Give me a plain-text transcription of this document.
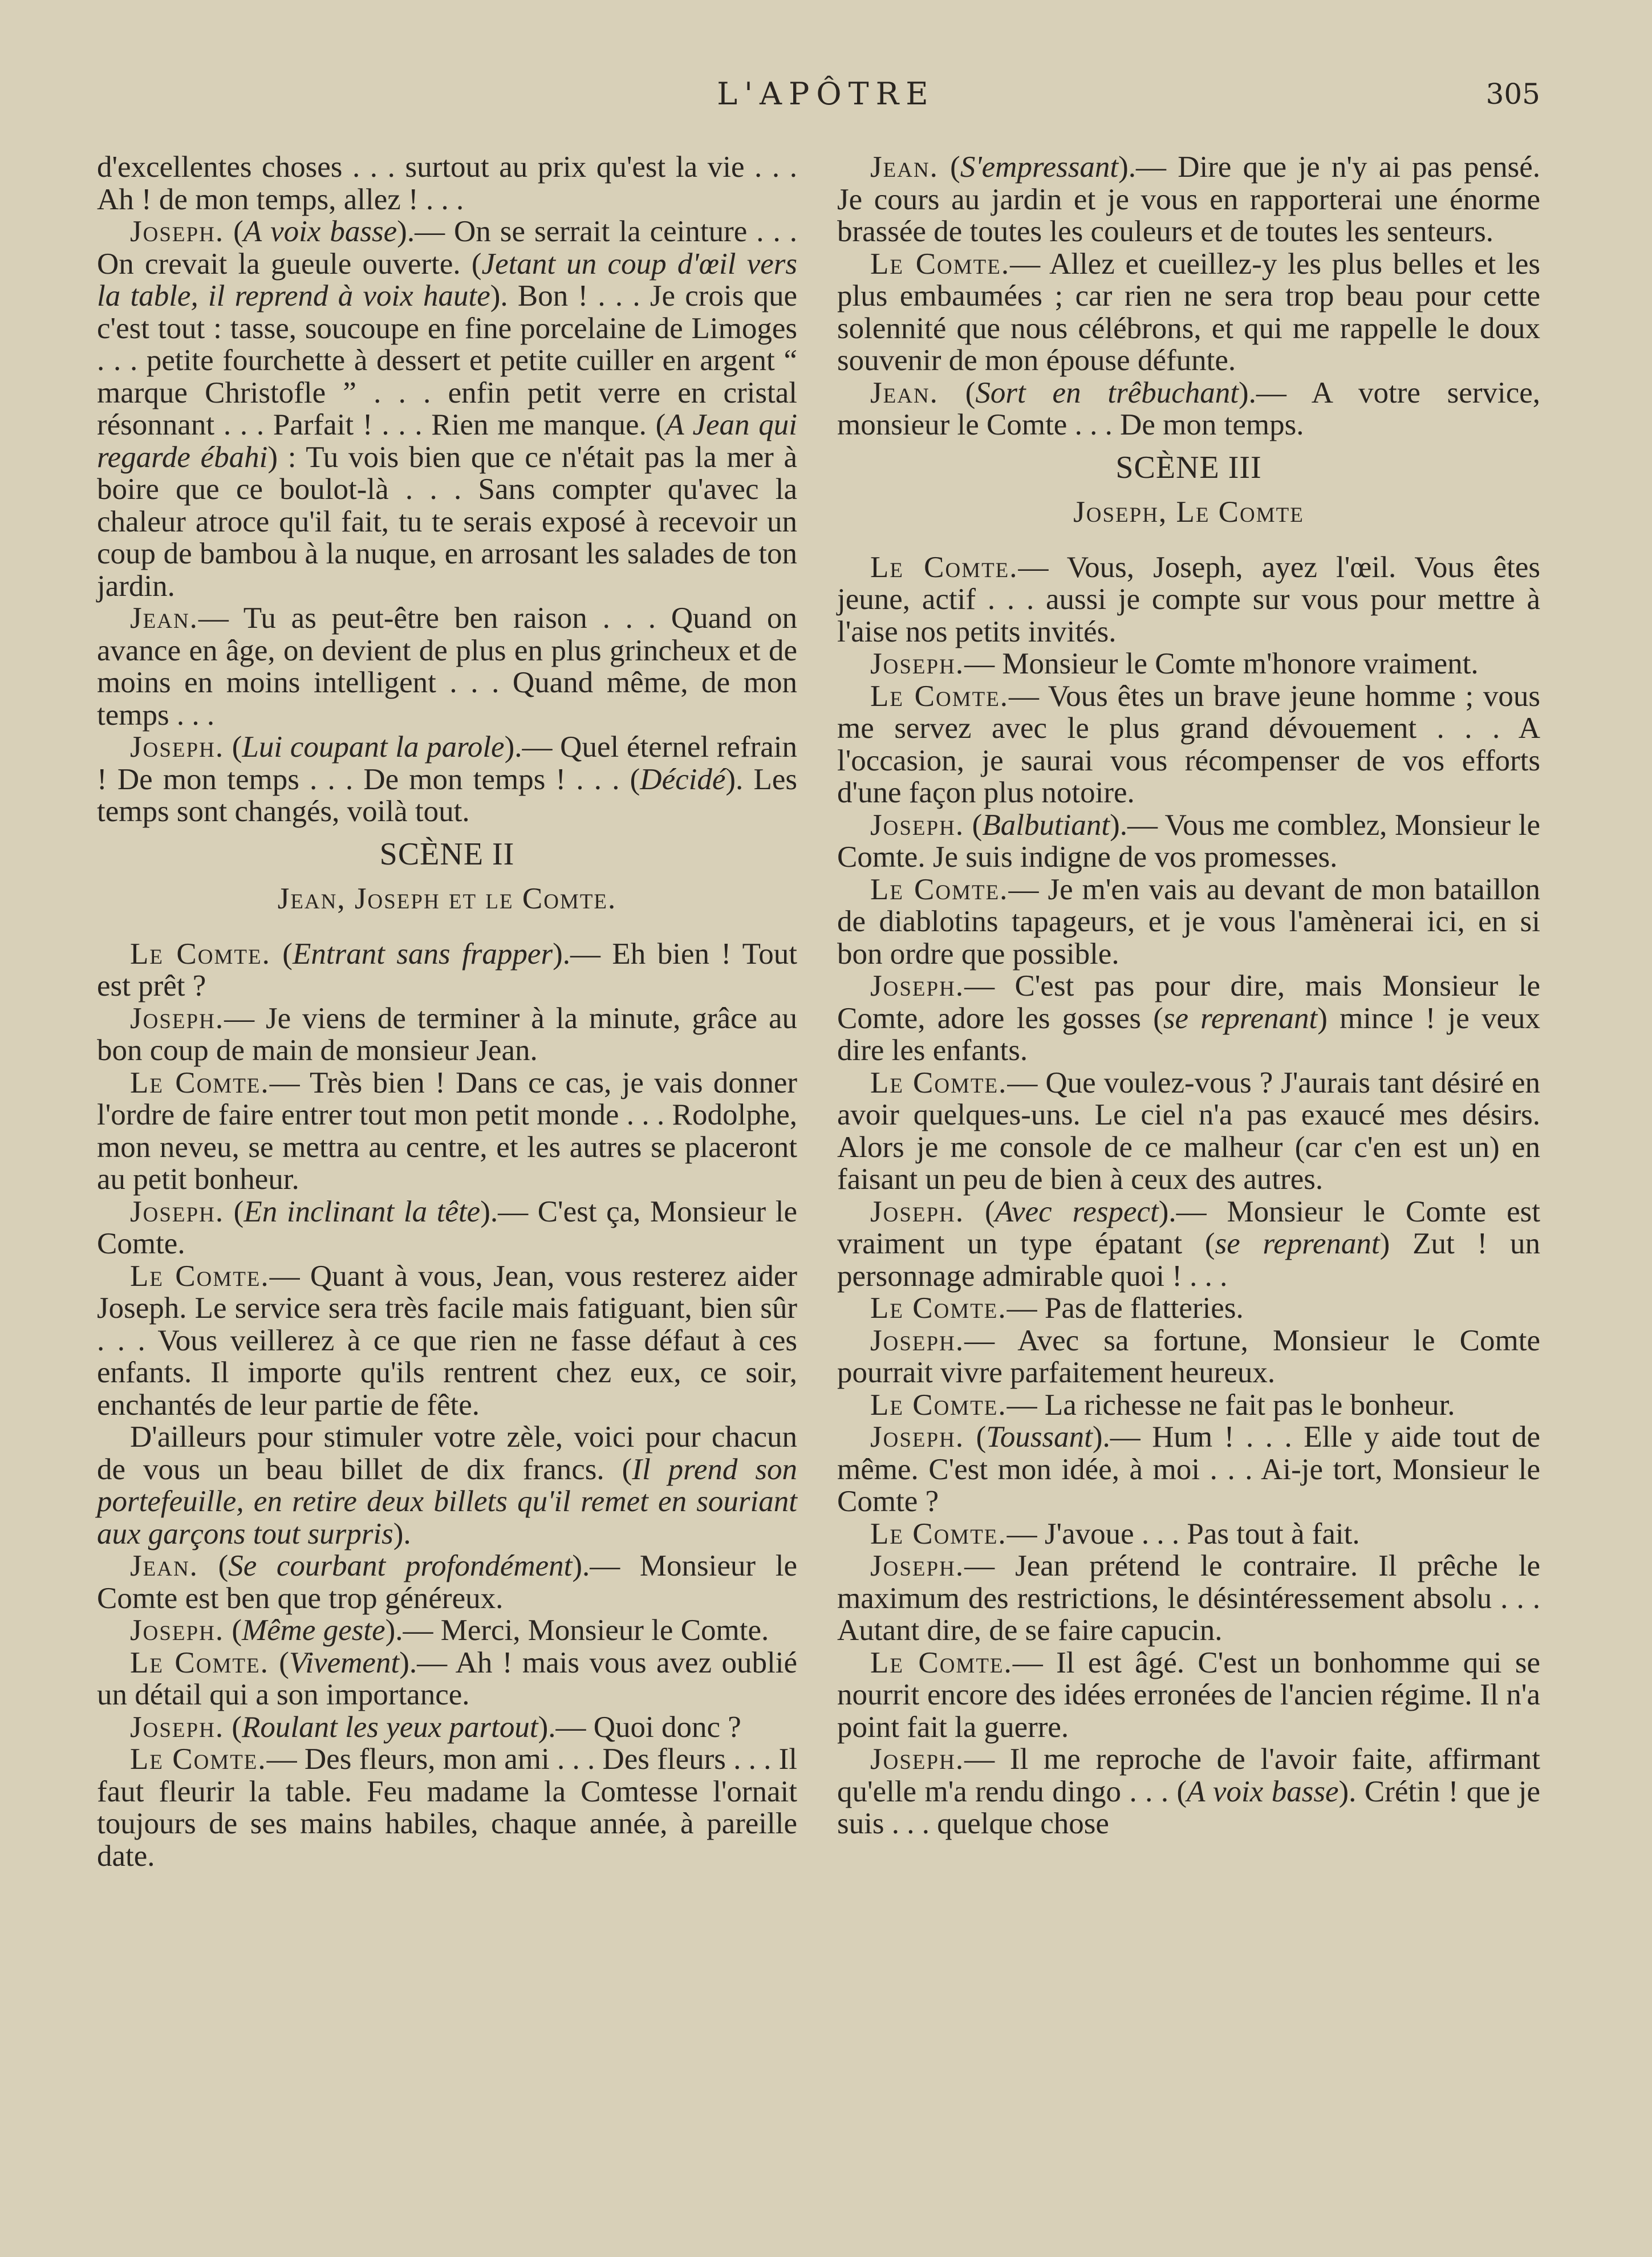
L'APÔTRE	305

d'excellentes choses . . . surtout au prix qu'est la vie . . . Ah ! de mon temps, allez ! . . .

Joseph. (A voix basse).— On se serrait la ceinture . . . On crevait la gueule ouverte. (Jetant un coup d'œil vers la table, il reprend à voix haute). Bon ! . . . Je crois que c'est tout : tasse, soucoupe en fine porcelaine de Limoges . . . petite fourchette à dessert et petite cuiller en argent “ marque Christofle ” . . . enfin petit verre en cristal résonnant . . . Parfait ! . . . Rien me manque. (A Jean qui regarde ébahi) : Tu vois bien que ce n'était pas la mer à boire que ce boulot-là . . . Sans compter qu'avec la chaleur atroce qu'il fait, tu te serais exposé à recevoir un coup de bambou à la nuque, en arrosant les salades de ton jardin.

Jean.— Tu as peut-être ben raison . . . Quand on avance en âge, on devient de plus en plus grincheux et de moins en moins intelligent . . . Quand même, de mon temps . . .

Joseph. (Lui coupant la parole).— Quel éternel refrain ! De mon temps . . . De mon temps ! . . . (Décidé). Les temps sont changés, voilà tout.

SCÈNE II

Jean, Joseph et le Comte.

Le Comte. (Entrant sans frapper).— Eh bien ! Tout est prêt ?

Joseph.— Je viens de terminer à la minute, grâce au bon coup de main de monsieur Jean.

Le Comte.— Très bien ! Dans ce cas, je vais donner l'ordre de faire entrer tout mon petit monde . . . Rodolphe, mon neveu, se mettra au centre, et les autres se placeront au petit bonheur.

Joseph. (En inclinant la tête).— C'est ça, Monsieur le Comte.

Le Comte.— Quant à vous, Jean, vous resterez aider Joseph. Le service sera très facile mais fatiguant, bien sûr . . . Vous veillerez à ce que rien ne fasse défaut à ces enfants. Il importe qu'ils rentrent chez eux, ce soir, enchantés de leur partie de fête.

D'ailleurs pour stimuler votre zèle, voici pour chacun de vous un beau billet de dix francs. (Il prend son portefeuille, en retire deux billets qu'il remet en souriant aux garçons tout surpris).

Jean. (Se courbant profondément).— Monsieur le Comte est ben que trop généreux.

Joseph. (Même geste).— Merci, Monsieur le Comte.

Le Comte. (Vivement).— Ah ! mais vous avez oublié un détail qui a son importance.

Joseph. (Roulant les yeux partout).— Quoi donc ?

Le Comte.— Des fleurs, mon ami . . . Des fleurs . . . Il faut fleurir la table. Feu madame la Comtesse l'ornait toujours de ses mains habiles, chaque année, à pareille date.

Jean. (S'empressant).— Dire que je n'y ai pas pensé. Je cours au jardin et je vous en rapporterai une énorme brassée de toutes les couleurs et de toutes les senteurs.

Le Comte.— Allez et cueillez-y les plus belles et les plus embaumées ; car rien ne sera trop beau pour cette solennité que nous célébrons, et qui me rappelle le doux souvenir de mon épouse défunte.

Jean. (Sort en trêbuchant).— A votre service, monsieur le Comte . . . De mon temps.

SCÈNE III

Joseph, Le Comte

Le Comte.— Vous, Joseph, ayez l'œil. Vous êtes jeune, actif . . . aussi je compte sur vous pour mettre à l'aise nos petits invités.

Joseph.— Monsieur le Comte m'honore vraiment.

Le Comte.— Vous êtes un brave jeune homme ; vous me servez avec le plus grand dévouement . . . A l'occasion, je saurai vous récompenser de vos efforts d'une façon plus notoire.

Joseph. (Balbutiant).— Vous me comblez, Monsieur le Comte. Je suis indigne de vos promesses.

Le Comte.— Je m'en vais au devant de mon bataillon de diablotins tapageurs, et je vous l'amènerai ici, en si bon ordre que possible.

Joseph.— C'est pas pour dire, mais Monsieur le Comte, adore les gosses (se reprenant) mince ! je veux dire les enfants.

Le Comte.— Que voulez-vous ? J'aurais tant désiré en avoir quelques-uns. Le ciel n'a pas exaucé mes désirs. Alors je me console de ce malheur (car c'en est un) en faisant un peu de bien à ceux des autres.

Joseph. (Avec respect).— Monsieur le Comte est vraiment un type épatant (se reprenant) Zut ! un personnage admirable quoi ! . . .

Le Comte.— Pas de flatteries.

Joseph.— Avec sa fortune, Monsieur le Comte pourrait vivre parfaitement heureux.

Le Comte.— La richesse ne fait pas le bonheur.

Joseph. (Toussant).— Hum ! . . . Elle y aide tout de même. C'est mon idée, à moi . . . Ai-je tort, Monsieur le Comte ?

Le Comte.— J'avoue . . . Pas tout à fait.

Joseph.— Jean prétend le contraire. Il prêche le maximum des restrictions, le désintéressement absolu . . . Autant dire, de se faire capucin.

Le Comte.— Il est âgé. C'est un bonhomme qui se nourrit encore des idées erronées de l'ancien régime. Il n'a point fait la guerre.

Joseph.— Il me reproche de l'avoir faite, affirmant qu'elle m'a rendu dingo . . . (A voix basse). Crétin ! que je suis . . . quelque chose
